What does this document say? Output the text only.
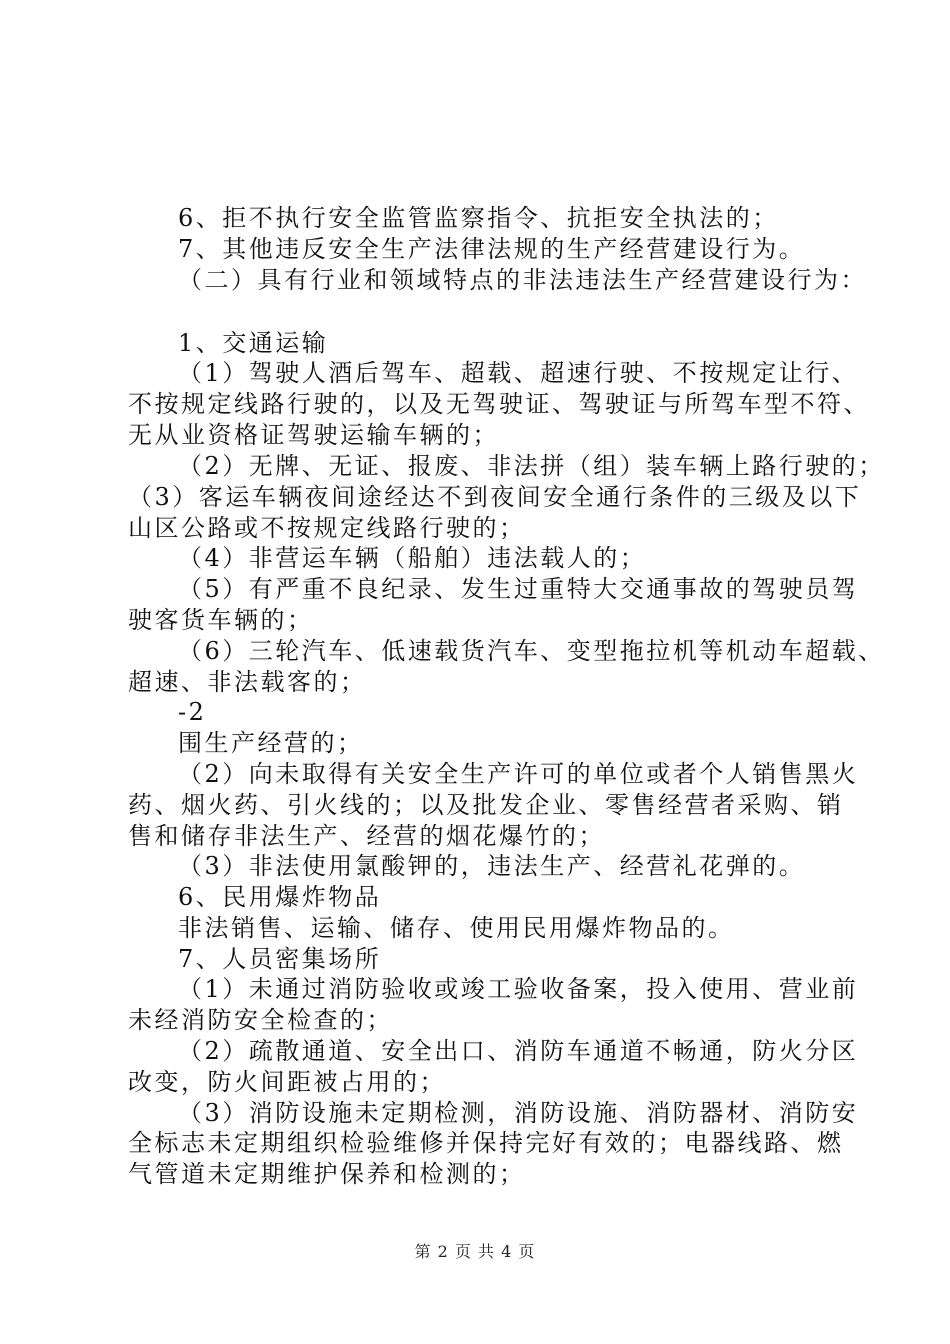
6、拒不执行安全监管监察指令、抗拒安全执法的；
7、其他违反安全生产法律法规的生产经营建设行为。
（二）具有行业和领域特点的非法违法生产经营建设行为：
1、交通运输
（1）驾驶人酒后驾车、超载、超速行驶、不按规定让行、
不按规定线路行驶的，以及无驾驶证、驾驶证与所驾车型不符、
无从业资格证驾驶运输车辆的；
（2）无牌、无证、报废、非法拼（组）装车辆上路行驶的；
（3）客运车辆夜间途经达不到夜间安全通行条件的三级及以下
山区公路或不按规定线路行驶的；
（4）非营运车辆（船舶）违法载人的；
（5）有严重不良纪录、发生过重特大交通事故的驾驶员驾
驶客货车辆的；
（6）三轮汽车、低速载货汽车、变型拖拉机等机动车超载、
超速、非法载客的；
-2
围生产经营的；
（2）向未取得有关安全生产许可的单位或者个人销售黑火
药、烟火药、引火线的；以及批发企业、零售经营者采购、销
售和储存非法生产、经营的烟花爆竹的；
（3）非法使用氯酸钾的，违法生产、经营礼花弹的。
6、民用爆炸物品
非法销售、运输、储存、使用民用爆炸物品的。
7、人员密集场所
（1）未通过消防验收或竣工验收备案，投入使用、营业前
未经消防安全检查的；
（2）疏散通道、安全出口、消防车通道不畅通，防火分区
改变，防火间距被占用的；
（3）消防设施未定期检测，消防设施、消防器材、消防安
全标志未定期组织检验维修并保持完好有效的；电器线路、燃
气管道未定期维护保养和检测的；
第 2 页 共 4 页
